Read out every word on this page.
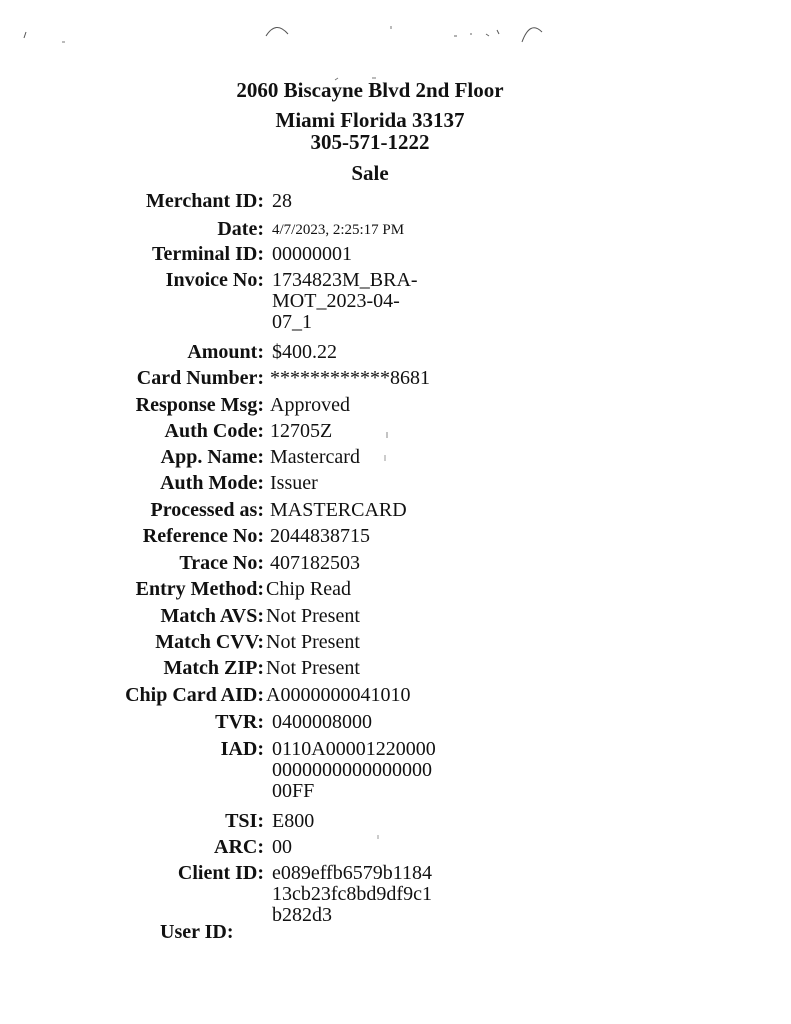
2060 Biscayne Blvd 2nd Floor
Miami Florida 33137
305-571-1222
Sale
Merchant ID: 28
Date: 4/7/2023, 2:25:17 PM
Terminal ID: 00000001
Invoice No: 1734823M_BRA-
MOT_2023-04-
07_1
Amount: $400.22
Card Number: ************8681
Response Msg: Approved
Auth Code: 12705Z
App. Name: Mastercard
Auth Mode: Issuer
Processed as: MASTERCARD
Reference No: 2044838715
Trace No: 407182503
Entry Method: Chip Read
Match AVS: Not Present
Match CVV: Not Present
Match ZIP: Not Present
Chip Card AID: A0000000041010
TVR: 0400008000
IAD: 0110A00001220000
0000000000000000
00FF
TSI: E800
ARC: 00
Client ID: e089effb6579b1184
13cb23fc8bd9df9c1
b282d3
User ID:
